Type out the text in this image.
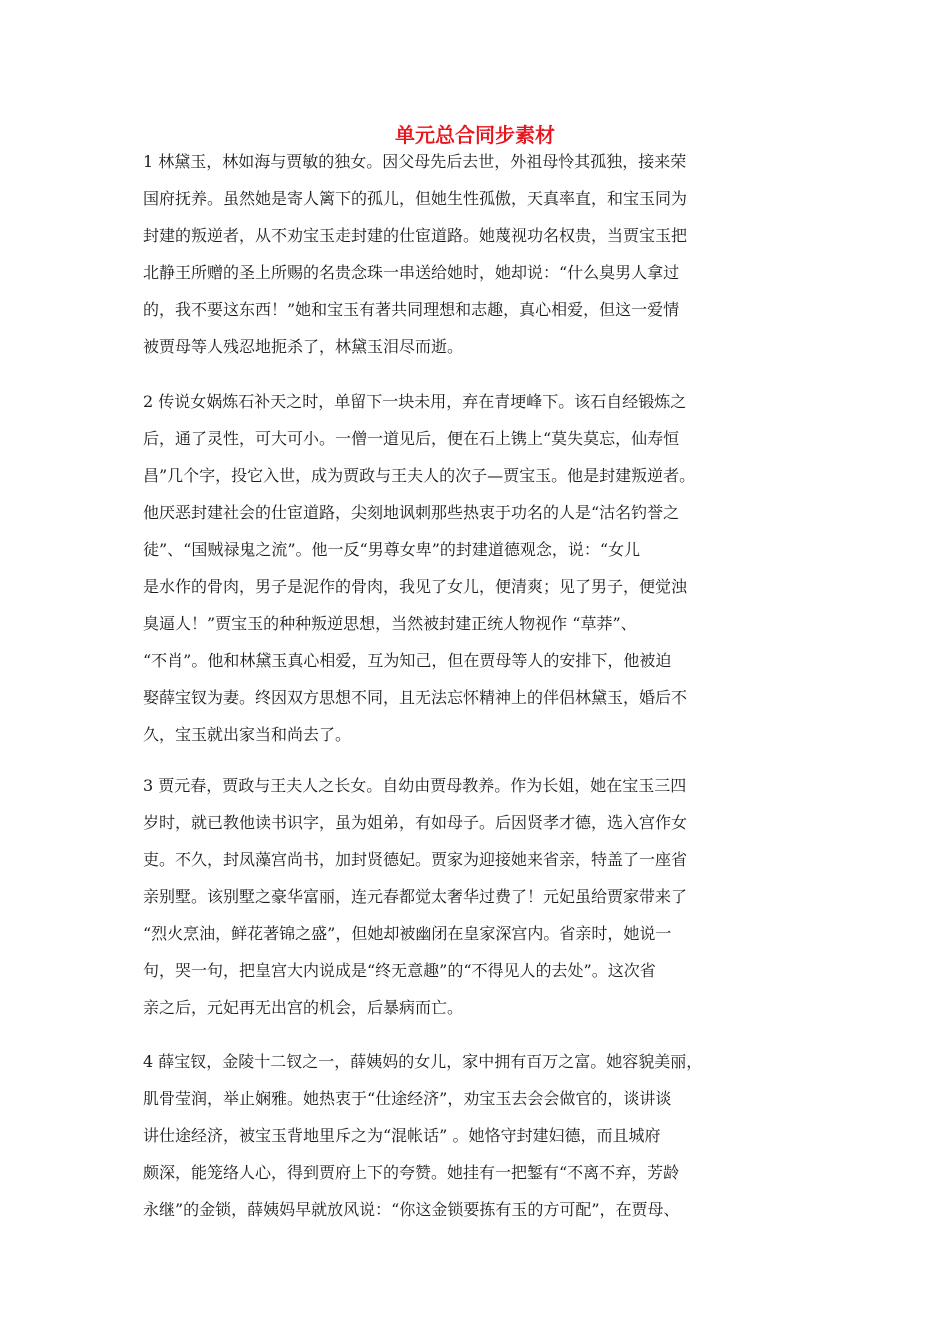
单元总合同步素材
1 林黛玉，林如海与贾敏的独女。因父母先后去世，外祖母怜其孤独，接来荣
国府抚养。虽然她是寄人篱下的孤儿，但她生性孤傲，天真率直，和宝玉同为
封建的叛逆者，从不劝宝玉走封建的仕宦道路。她蔑视功名权贵，当贾宝玉把
北静王所赠的圣上所赐的名贵念珠一串送给她时，她却说：“什么臭男人拿过
的，我不要这东西！”她和宝玉有著共同理想和志趣，真心相爱，但这一爱情
被贾母等人残忍地扼杀了，林黛玉泪尽而逝。
2 传说女娲炼石补天之时，单留下一块未用，弃在青埂峰下。该石自经锻炼之
后，通了灵性，可大可小。一僧一道见后，便在石上镌上“莫失莫忘，仙寿恒
昌”几个字，投它入世，成为贾政与王夫人的次子—贾宝玉。他是封建叛逆者。
他厌恶封建社会的仕宦道路，尖刻地讽刺那些热衷于功名的人是“沽名钓誉之
徒”、“国贼禄鬼之流”。他一反“男尊女卑”的封建道德观念，说：“女儿
是水作的骨肉，男子是泥作的骨肉，我见了女儿，便清爽；见了男子，便觉浊
臭逼人！”贾宝玉的种种叛逆思想，当然被封建正统人物视作 “草莽”、
“不肖”。他和林黛玉真心相爱，互为知己，但在贾母等人的安排下，他被迫
娶薛宝钗为妻。终因双方思想不同，且无法忘怀精神上的伴侣林黛玉，婚后不
久，宝玉就出家当和尚去了。
3 贾元春，贾政与王夫人之长女。自幼由贾母教养。作为长姐，她在宝玉三四
岁时，就已教他读书识字，虽为姐弟，有如母子。后因贤孝才德，选入宫作女
吏。不久，封凤藻宫尚书，加封贤德妃。贾家为迎接她来省亲，特盖了一座省
亲别墅。该别墅之豪华富丽，连元春都觉太奢华过费了！元妃虽给贾家带来了
“烈火烹油，鲜花著锦之盛”，但她却被幽闭在皇家深宫内。省亲时，她说一
句，哭一句，把皇宫大内说成是“终无意趣”的“不得见人的去处”。这次省
亲之后，元妃再无出宫的机会，后暴病而亡。
4 薛宝钗，金陵十二钗之一，薛姨妈的女儿，家中拥有百万之富。她容貌美丽，
肌骨莹润，举止娴雅。她热衷于“仕途经济”，劝宝玉去会会做官的，谈讲谈
讲仕途经济，被宝玉背地里斥之为“混帐话” 。她恪守封建妇德，而且城府
颇深，能笼络人心，得到贾府上下的夸赞。她挂有一把錾有“不离不弃，芳龄
永继”的金锁，薛姨妈早就放风说：“你这金锁要拣有玉的方可配”，在贾母、
